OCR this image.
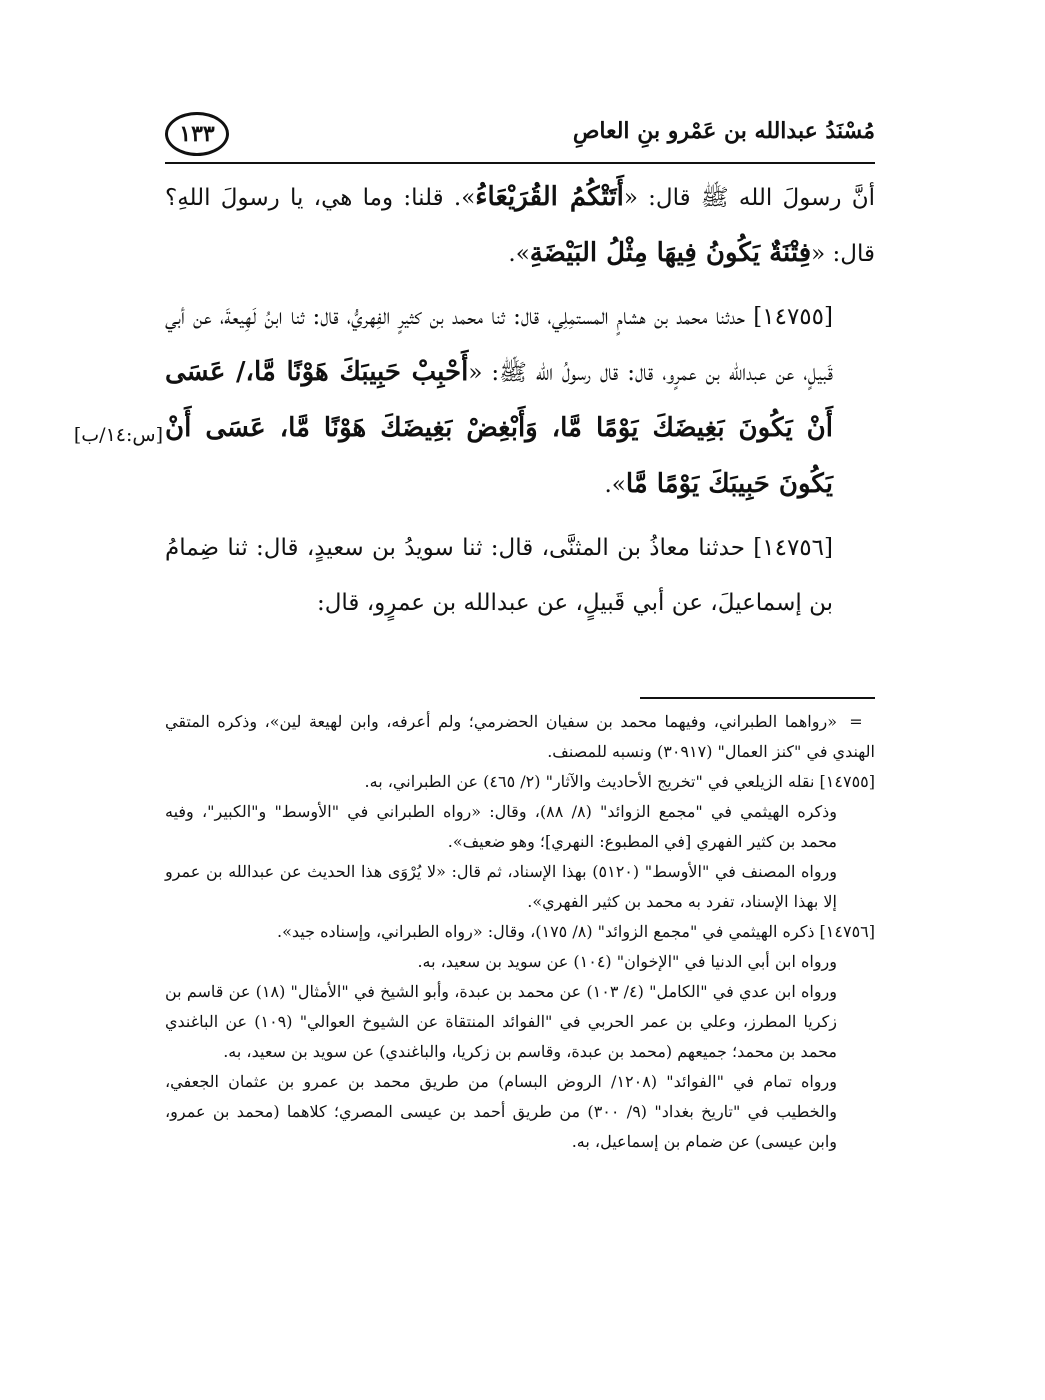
مُسْنَدُ عبدالله بن عَمْرو بنِ العاصِ
١٣٣

أنَّ رسولَ الله ﷺ قال: «أَتَتْكُمُ القُرَيْعَاءُ». قلنا: وما هي، يا رسولَ اللهِ؟ قال: «فِتْنَةٌ يَكُونُ فِيهَا مِثْلُ البَيْضَةِ».

[١٤٧٥٥] حدثنا محمد بن هشامٍ المستمِلِي، قال: ثنا محمد بن كثيرٍ الفِهريُّ، قال: ثنا ابنُ لَهِيعةَ، عن أبي قَبيلٍ، عن عبدالله بن عمرٍو، قال: قال رسولُ الله ﷺ: «أَحْبِبْ حَبِيبَكَ هَوْنًا مَّا،/ عَسَى أَنْ يَكُونَ بَغِيضَكَ يَوْمًا مَّا، وَأَبْغِضْ بَغِيضَكَ هَوْنًا مَّا، عَسَى أَنْ يَكُونَ حَبِيبَكَ يَوْمًا مَّا».

[١٤٧٥٦] حدثنا معاذُ بن المثنَّى، قال: ثنا سويدُ بن سعيدٍ، قال: ثنا ضِمامُ بن إسماعيلَ، عن أبي قَبيلٍ، عن عبدالله بن عمرٍو، قال:

[س:١٤/ب]

=«رواهما الطبراني، وفيهما محمد بن سفيان الحضرمي؛ ولم أعرفه، وابن لهيعة لين»، وذكره المتقي الهندي في "كنز العمال" (٣٠٩١٧) ونسبه للمصنف.

[١٤٧٥٥] نقله الزيلعي في "تخريج الأحاديث والآثار" (٢/ ٤٦٥) عن الطبراني، به.

وذكره الهيثمي في "مجمع الزوائد" (٨/ ٨٨)، وقال: «رواه الطبراني في "الأوسط" و"الكبير"، وفيه محمد بن كثير الفهري [في المطبوع: النهري]؛ وهو ضعيف».

ورواه المصنف في "الأوسط" (٥١٢٠) بهذا الإسناد، ثم قال: «لا يُرْوَى هذا الحديث عن عبدالله بن عمرو إلا بهذا الإسناد، تفرد به محمد بن كثير الفهري».

[١٤٧٥٦] ذكره الهيثمي في "مجمع الزوائد" (٨/ ١٧٥)، وقال: «رواه الطبراني، وإسناده جيد».

ورواه ابن أبي الدنيا في "الإخوان" (١٠٤) عن سويد بن سعيد، به.

ورواه ابن عدي في "الكامل" (٤/ ١٠٣) عن محمد بن عبدة، وأبو الشيخ في "الأمثال" (١٨) عن قاسم بن زكريا المطرز، وعلي بن عمر الحربي في "الفوائد المنتقاة عن الشيوخ العوالي" (١٠٩) عن الباغندي محمد بن محمد؛ جميعهم (محمد بن عبدة، وقاسم بن زكريا، والباغندي) عن سويد بن سعيد، به.

ورواه تمام في "الفوائد" (١٢٠٨/ الروض البسام) من طريق محمد بن عمرو بن عثمان الجعفي، والخطيب في "تاريخ بغداد" (٩/ ٣٠٠) من طريق أحمد بن عيسى المصري؛ كلاهما (محمد بن عمرو، وابن عيسى) عن ضمام بن إسماعيل، به.
